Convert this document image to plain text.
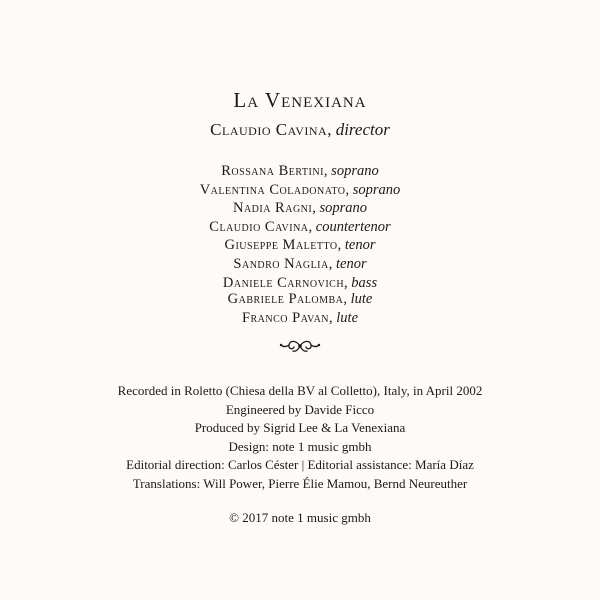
La Venexiana
Claudio Cavina, director
Rossana Bertini, soprano
Valentina Coladonato, soprano
Nadia Ragni, soprano
Claudio Cavina, countertenor
Giuseppe Maletto, tenor
Sandro Naglia, tenor
Daniele Carnovich, bass
Gabriele Palomba, lute
Franco Pavan, lute
Recorded in Roletto (Chiesa della BV al Colletto), Italy, in April 2002
Engineered by Davide Ficco
Produced by Sigrid Lee & La Venexiana
Design: note 1 music gmbh
Editorial direction: Carlos Céster | Editorial assistance: María Díaz
Translations: Will Power, Pierre Élie Mamou, Bernd Neureuther
© 2017 note 1 music gmbh
